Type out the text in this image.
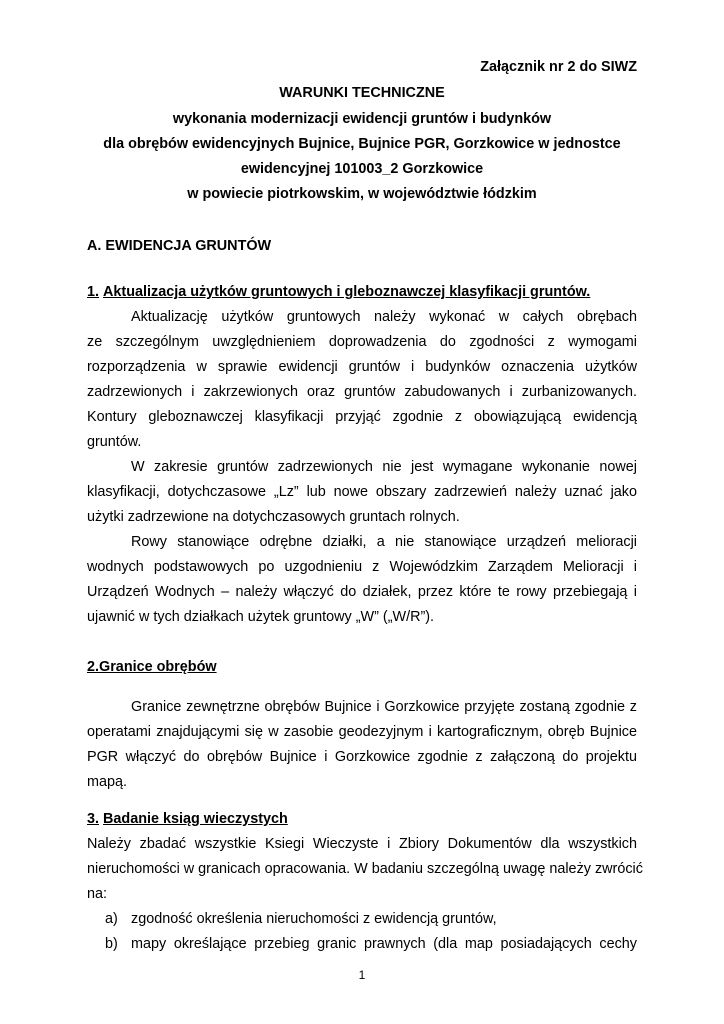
Załącznik nr 2 do SIWZ
WARUNKI TECHNICZNE
wykonania modernizacji ewidencji gruntów i budynków
dla obrębów ewidencyjnych Bujnice, Bujnice PGR, Gorzkowice w jednostce
ewidencyjnej 101003_2 Gorzkowice
w powiecie piotrkowskim, w województwie łódzkim
A. EWIDENCJA GRUNTÓW
1. Aktualizacja użytków gruntowych i gleboznawczej klasyfikacji gruntów.
Aktualizację użytków gruntowych należy wykonać w całych obrębach
ze szczególnym uwzględnieniem doprowadzenia do zgodności z wymogami
rozporządzenia w sprawie ewidencji gruntów i budynków oznaczenia użytków
zadrzewionych i zakrzewionych oraz gruntów zabudowanych i zurbanizowanych.
Kontury gleboznawczej klasyfikacji przyjąć zgodnie z obowiązującą ewidencją
gruntów.
W zakresie gruntów zadrzewionych nie jest wymagane wykonanie nowej
klasyfikacji, dotychczasowe „Lz” lub nowe obszary zadrzewień należy uznać jako
użytki zadrzewione na dotychczasowych gruntach rolnych.
Rowy stanowiące odrębne działki, a nie stanowiące urządzeń melioracji
wodnych podstawowych po uzgodnieniu z Wojewódzkim Zarządem Melioracji i
Urządzeń Wodnych – należy włączyć do działek, przez które te rowy przebiegają i
ujawnić w tych działkach użytek gruntowy „W” („W/R”).
2.Granice obrębów
Granice zewnętrzne obrębów Bujnice i Gorzkowice przyjęte zostaną zgodnie z
operatami znajdującymi się w zasobie geodezyjnym i kartograficznym, obręb Bujnice
PGR włączyć do obrębów Bujnice i Gorzkowice zgodnie z załączoną do projektu
mapą.
3. Badanie ksiąg wieczystych
Należy zbadać wszystkie Ksiegi Wieczyste i Zbiory Dokumentów dla wszystkich
nieruchomości w granicach opracowania. W badaniu szczególną uwagę należy zwrócić
na:
a) zgodność określenia nieruchomości z ewidencją gruntów,
b) mapy określające przebieg granic prawnych (dla map posiadających cechy
1
